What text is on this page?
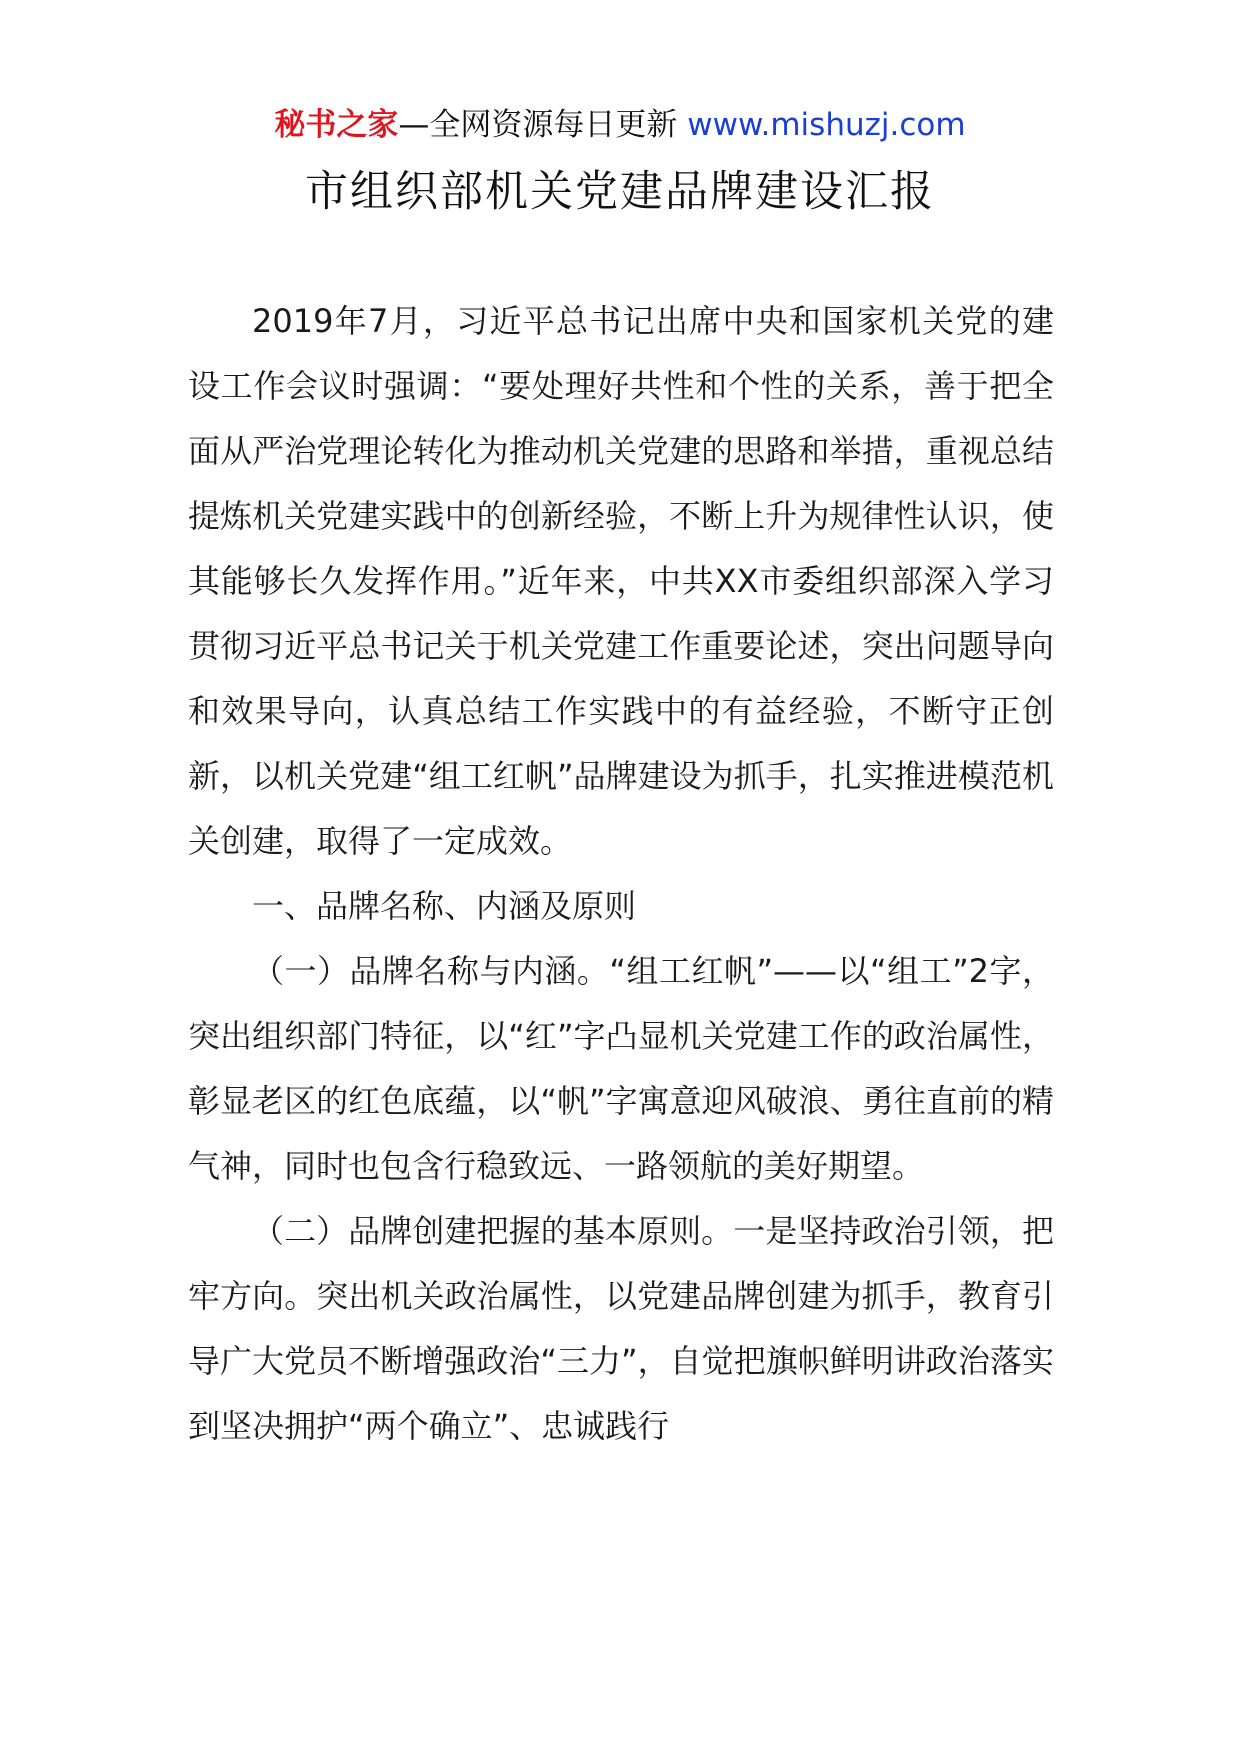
秘书之家—全网资源每日更新 www.mishuzj.com
市组织部机关党建品牌建设汇报

2019年7月，习近平总书记出席中央和国家机关党的建设工作会议时强调：“要处理好共性和个性的关系，善于把全面从严治党理论转化为推动机关党建的思路和举措，重视总结提炼机关党建实践中的创新经验，不断上升为规律性认识，使其能够长久发挥作用。”近年来，中共XX市委组织部深入学习贯彻习近平总书记关于机关党建工作重要论述，突出问题导向和效果导向，认真总结工作实践中的有益经验，不断守正创新，以机关党建“组工红帆”品牌建设为抓手，扎实推进模范机关创建，取得了一定成效。

一、品牌名称、内涵及原则

（一）品牌名称与内涵。“组工红帆”——以“组工”2字，突出组织部门特征，以“红”字凸显机关党建工作的政治属性，彰显老区的红色底蕴，以“帆”字寓意迎风破浪、勇往直前的精气神，同时也包含行稳致远、一路领航的美好期望。

（二）品牌创建把握的基本原则。一是坚持政治引领，把牢方向。突出机关政治属性，以党建品牌创建为抓手，教育引导广大党员不断增强政治“三力”，自觉把旗帜鲜明讲政治落实到坚决拥护“两个确立”、忠诚践行
